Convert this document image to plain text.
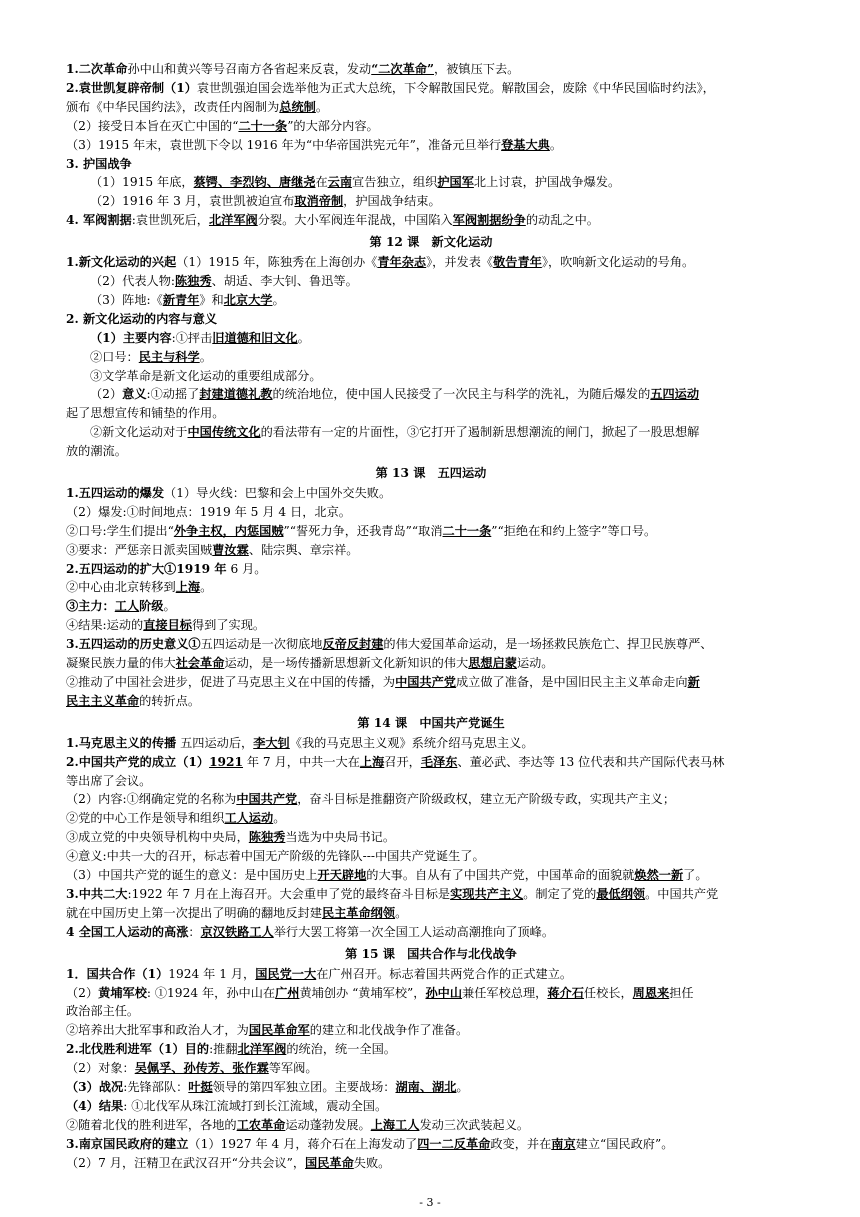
1.二次革命孙中山和黄兴等号召南方各省起来反袁，发动“二次革命”，被镇压下去。
2.袁世凯复辟帝制（1）袁世凯强迫国会选举他为正式大总统，下令解散国民党。解散国会，废除《中华民国临时约法》，
颁布《中华民国约法》，改责任内阁制为总统制。
（2）接受日本旨在灭亡中国的“二十一条”的大部分内容。
（3）1915 年末，袁世凯下令以 1916 年为“中华帝国洪宪元年”，准备元旦举行登基大典。
3. 护国战争
（1）1915 年底，蔡锷、李烈钧、唐继尧在云南宣告独立，组织护国军北上讨袁，护国战争爆发。
（2）1916 年 3 月，袁世凯被迫宣布取消帝制，护国战争结束。
4. 军阀割据:袁世凯死后，北洋军阀分裂。大小军阀连年混战，中国陷入军阀割据纷争的动乱之中。
第 12 课　新文化运动
1.新文化运动的兴起（1）1915 年，陈独秀在上海创办《青年杂志》，并发表《敬告青年》，吹响新文化运动的号角。
（2）代表人物:陈独秀、胡适、李大钊、鲁迅等。
（3）阵地:《新青年》和北京大学。
2. 新文化运动的内容与意义
（1）主要内容:①抨击旧道德和旧文化。
②口号：民主与科学。
③文学革命是新文化运动的重要组成部分。
（2）意义:①动摇了封建道德礼教的统治地位，使中国人民接受了一次民主与科学的洗礼，为随后爆发的五四运动
起了思想宣传和铺垫的作用。
②新文化运动对于中国传统文化的看法带有一定的片面性，③它打开了遏制新思想潮流的闸门，掀起了一股思想解
放的潮流。
第 13 课　五四运动
1.五四运动的爆发（1）导火线：巴黎和会上中国外交失败。
（2）爆发:①时间地点：1919 年 5 月 4 日，北京。
②口号:学生们提出“外争主权，内惩国贼”“誓死力争，还我青岛”“取消二十一条”“拒绝在和约上签字”等口号。
③要求：严惩亲日派卖国贼曹汝霖、陆宗舆、章宗祥。
2.五四运动的扩大①1919 年 6 月。
②中心由北京转移到上海。
③主力：工人阶级。
④结果:运动的直接目标得到了实现。
3.五四运动的历史意义①五四运动是一次彻底地反帝反封建的伟大爱国革命运动，是一场拯救民族危亡、捍卫民族尊严、
凝聚民族力量的伟大社会革命运动，是一场传播新思想新文化新知识的伟大思想启蒙运动。
②推动了中国社会进步，促进了马克思主义在中国的传播，为中国共产党成立做了准备，是中国旧民主主义革命走向新
民主主义革命的转折点。
第 14 课　中国共产党诞生
1.马克思主义的传播 五四运动后，李大钊《我的马克思主义观》系统介绍马克思主义。
2.中国共产党的成立（1）1921 年 7 月，中共一大在上海召开，毛泽东、董必武、李达等 13 位代表和共产国际代表马林
等出席了会议。
（2）内容:①纲确定党的名称为中国共产党，奋斗目标是推翻资产阶级政权，建立无产阶级专政，实现共产主义；
②党的中心工作是领导和组织工人运动。
③成立党的中央领导机构中央局，陈独秀当选为中央局书记。
④意义:中共一大的召开，标志着中国无产阶级的先锋队---中国共产党诞生了。
（3）中国共产党的诞生的意义：是中国历史上开天辟地的大事。自从有了中国共产党，中国革命的面貌就焕然一新了。
3.中共二大:1922 年 7 月在上海召开。大会重申了党的最终奋斗目标是实现共产主义。制定了党的最低纲领。中国共产党
就在中国历史上第一次提出了明确的翻地反封建民主革命纲领。
4 全国工人运动的高涨：京汉铁路工人举行大罢工将第一次全国工人运动高潮推向了顶峰。
第 15 课　国共合作与北伐战争
1．国共合作（1）1924 年 1 月，国民党一大在广州召开。标志着国共两党合作的正式建立。
（2）黄埔军校: ①1924 年，孙中山在广州黄埔创办 “黄埔军校”，孙中山兼任军校总理，蒋介石任校长，周恩来担任
政治部主任。
②培养出大批军事和政治人才，为国民革命军的建立和北伐战争作了准备。
2.北伐胜利进军（1）目的:推翻北洋军阀的统治，统一全国。
（2）对象：吴佩孚、孙传芳、张作霖等军阀。
（3）战况:先锋部队：叶挺领导的第四军独立团。主要战场：湖南、湖北。
（4）结果: ①北伐军从珠江流域打到长江流域，震动全国。
②随着北伐的胜利进军，各地的工农革命运动蓬勃发展。上海工人发动三次武装起义。
3.南京国民政府的建立（1）1927 年 4 月，蒋介石在上海发动了四一二反革命政变，并在南京建立“国民政府”。
（2）7 月，汪精卫在武汉召开“分共会议”，国民革命失败。
- 3 -
